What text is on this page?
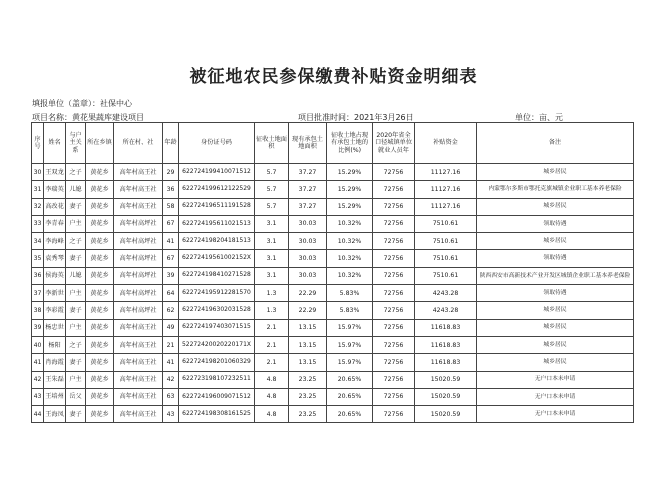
被征地农民参保缴费补贴资金明细表
填报单位（盖章）：社保中心
项目名称：黄花果蔬库建设项目	项目批准时间：2021年3月26日	单位：亩、元
序号	姓名	与户主关系	所在乡镇	所在村、社	年龄	身份证号码	征收土地面积	现有承包土地面积	征收土地占现有承包土地的比例(%)	2020年省全口径城镇单位就业人员年	补贴资金	备注
30	王双龙	之子	黄花乡	高年村高王社	29	622724199410071512	5.7	37.27	15.29%	72756	11127.16	城乡居民
31	李瑞英	儿媳	黄花乡	高年村高王社	36	622724199612122529	5.7	37.27	15.29%	72756	11127.16	内蒙鄂尔多斯市鄂托克旗城镇企业职工基本养老保险
32	高改花	妻子	黄花乡	高年村高王社	58	622724196511191528	5.7	37.27	15.29%	72756	11127.16	城乡居民
33	李青春	户主	黄花乡	高年村高坪社	67	622724195611021513	3.1	30.03	10.32%	72756	7510.61	领取待遇
34	李海峰	之子	黄花乡	高年村高坪社	41	622724198204181513	3.1	30.03	10.32%	72756	7510.61	城乡居民
35	袁秀琴	妻子	黄花乡	高年村高坪社	67	62272419561002152X	3.1	30.03	10.32%	72756	7510.61	领取待遇
36	侯海英	儿媳	黄花乡	高年村高坪社	39	622724198410271528	3.1	30.03	10.32%	72756	7510.61	陕西西安市高新技术产业开发区城镇企业职工基本养老保险
37	李新世	户主	黄花乡	高年村高坪社	64	622724195912281570	1.3	22.29	5.83%	72756	4243.28	领取待遇
38	李彩霞	妻子	黄花乡	高年村高坪社	62	622724196302031528	1.3	22.29	5.83%	72756	4243.28	城乡居民
39	杨忠世	户主	黄花乡	高年村高王社	49	622724197403071515	2.1	13.15	15.97%	72756	11618.83	城乡居民
40	杨阳	之子	黄花乡	高年村高王社	21	52272420020220171X	2.1	13.15	15.97%	72756	11618.83	城乡居民
41	肖海霞	妻子	黄花乡	高年村高王社	41	622724198201060329	2.1	13.15	15.97%	72756	11618.83	城乡居民
42	王朱磊	户主	黄花乡	高年村高王社	42	622723198107232511	4.8	23.25	20.65%	72756	15020.59	无户口本未申请
43	王培州	岳父	黄花乡	高年村高王社	63	622724196009071512	4.8	23.25	20.65%	72756	15020.59	无户口本未申请
44	王海凤	妻子	黄花乡	高年村高王社	43	622724198308161525	4.8	23.25	20.65%	72756	15020.59	无户口本未申请
